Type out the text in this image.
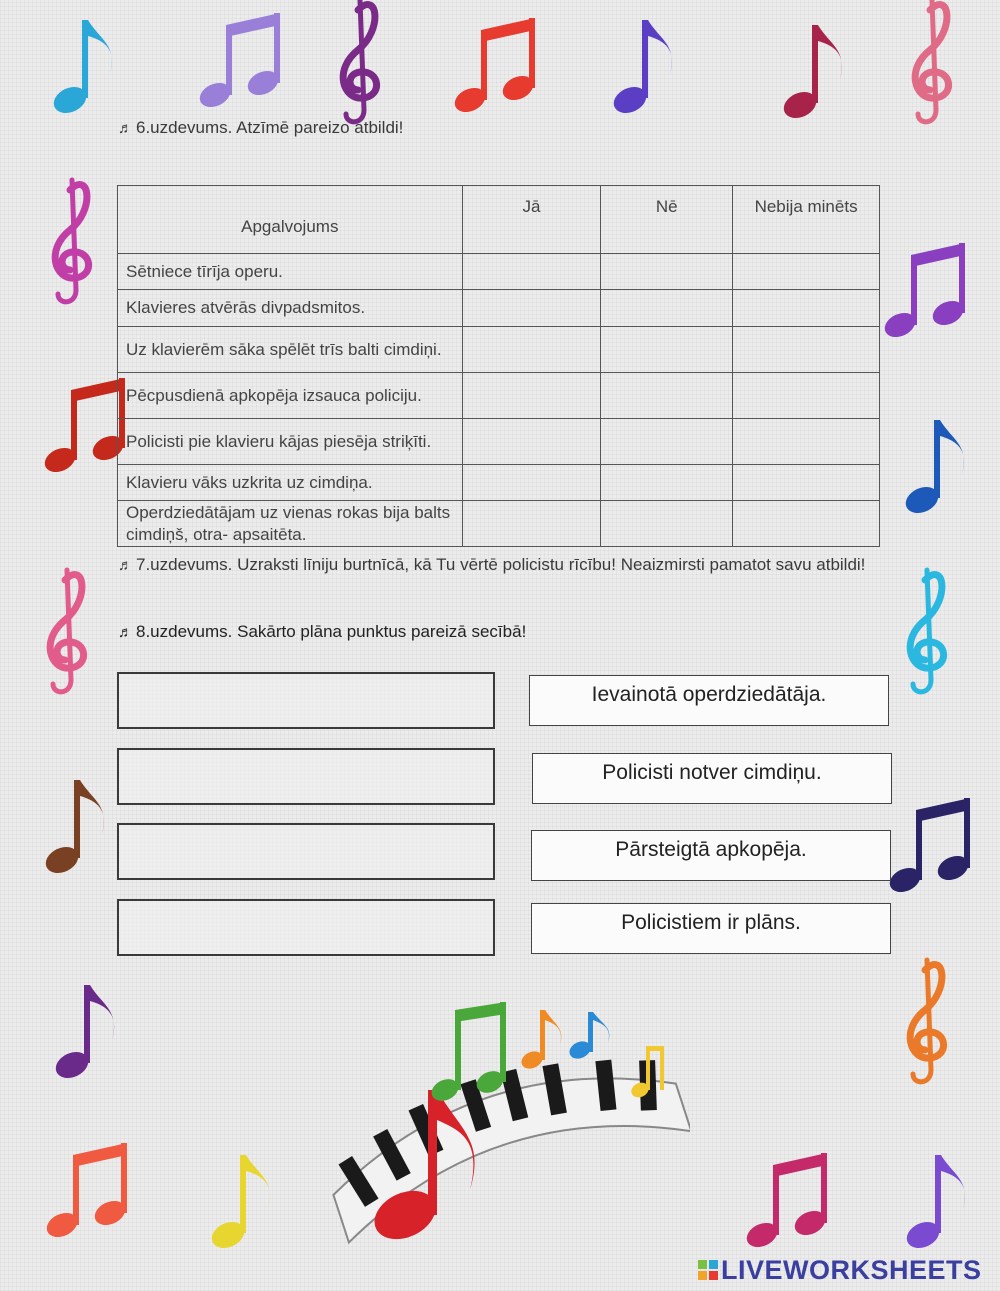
♬ 6.uzdevums. Atzīmē pareizo atbildi!
Apgalvojums	Jā	Nē	Nebija minēts
Sētniece tīrīja operu.			
Klavieres atvērās divpadsmitos.			
Uz klavierēm sāka spēlēt trīs balti cimdiņi.			
Pēcpusdienā apkopēja izsauca policiju.			
Policisti pie klavieru kājas piesēja striķīti.			
Klavieru vāks uzkrita uz cimdiņa.			
Operdziedātājam uz vienas rokas bija balts cimdiņš, otra- apsaitēta.			
♬ 7.uzdevums. Uzraksti līniju burtnīcā, kā Tu vērtē policistu rīcību! Neaizmirsti pamatot savu atbildi!
♬ 8.uzdevums. Sakārto plāna punktus pareizā secībā!
Ievainotā operdziedātāja.
Policisti notver cimdiņu.
Pārsteigtā apkopēja.
Policistiem ir plāns.
LIVEWORKSHEETS
